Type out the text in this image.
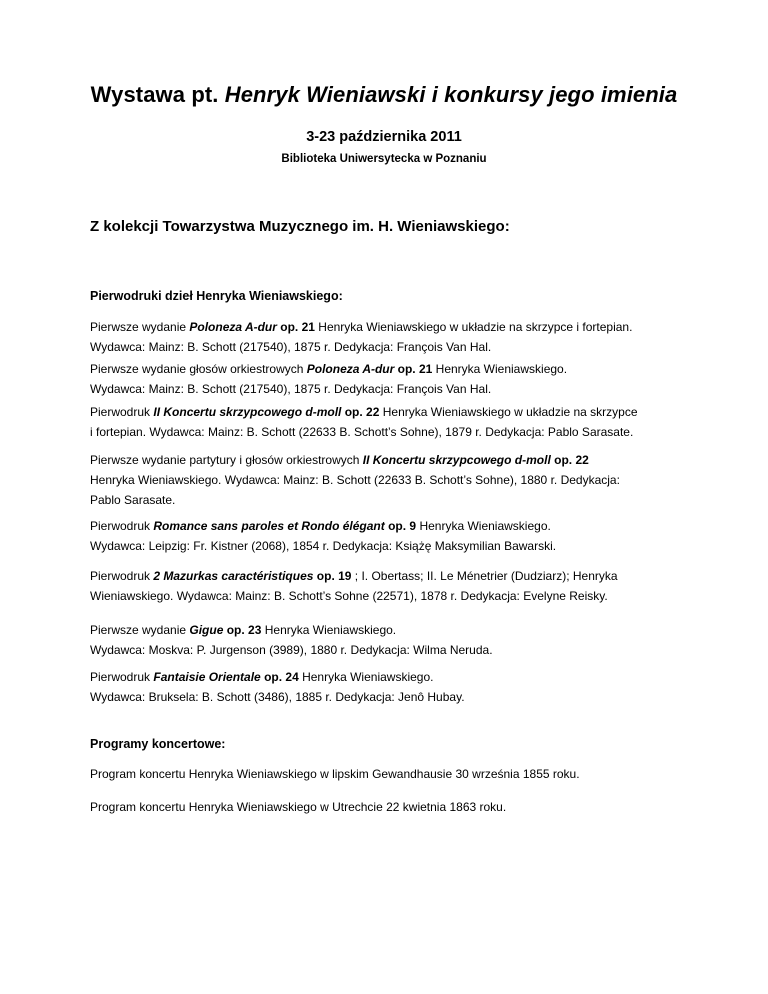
Wystawa pt. Henryk Wieniawski i konkursy jego imienia
3-23 października 2011
Biblioteka Uniwersytecka w Poznaniu
Z kolekcji Towarzystwa Muzycznego im. H. Wieniawskiego:
Pierwodruki dzieł Henryka Wieniawskiego:
Pierwsze wydanie Poloneza A-dur op. 21 Henryka Wieniawskiego w układzie na skrzypce i fortepian.
Wydawca: Mainz: B. Schott (217540), 1875 r. Dedykacja: François Van Hal.
Pierwsze wydanie głosów orkiestrowych Poloneza A-dur op. 21 Henryka Wieniawskiego.
Wydawca: Mainz: B. Schott (217540), 1875 r. Dedykacja: François Van Hal.
Pierwodruk II Koncertu skrzypcowego d-moll op. 22 Henryka Wieniawskiego w układzie na skrzypce
i fortepian. Wydawca: Mainz: B. Schott (22633 B. Schott’s Sohne), 1879 r. Dedykacja: Pablo Sarasate.
Pierwsze wydanie partytury i głosów orkiestrowych II Koncertu skrzypcowego d-moll op. 22
Henryka Wieniawskiego. Wydawca: Mainz: B. Schott (22633 B. Schott’s Sohne), 1880 r. Dedykacja:
Pablo Sarasate.
Pierwodruk Romance sans paroles et Rondo élégant op. 9 Henryka Wieniawskiego.
Wydawca: Leipzig: Fr. Kistner (2068), 1854 r. Dedykacja: Książę Maksymilian Bawarski.
Pierwodruk 2 Mazurkas caractéristiques op. 19 ; I. Obertass; II. Le Ménetrier (Dudziarz); Henryka
Wieniawskiego. Wydawca: Mainz: B. Schott’s Sohne (22571), 1878 r. Dedykacja: Evelyne Reisky.
Pierwsze wydanie Gigue op. 23 Henryka Wieniawskiego.
Wydawca: Moskva: P. Jurgenson (3989), 1880 r. Dedykacja: Wilma Neruda.
Pierwodruk Fantaisie Orientale op. 24 Henryka Wieniawskiego.
Wydawca: Bruksela: B. Schott (3486), 1885 r. Dedykacja: Jenô Hubay.
Programy koncertowe:
Program koncertu Henryka Wieniawskiego w lipskim Gewandhausie 30 września 1855 roku.
Program koncertu Henryka Wieniawskiego w Utrechcie 22 kwietnia 1863 roku.
